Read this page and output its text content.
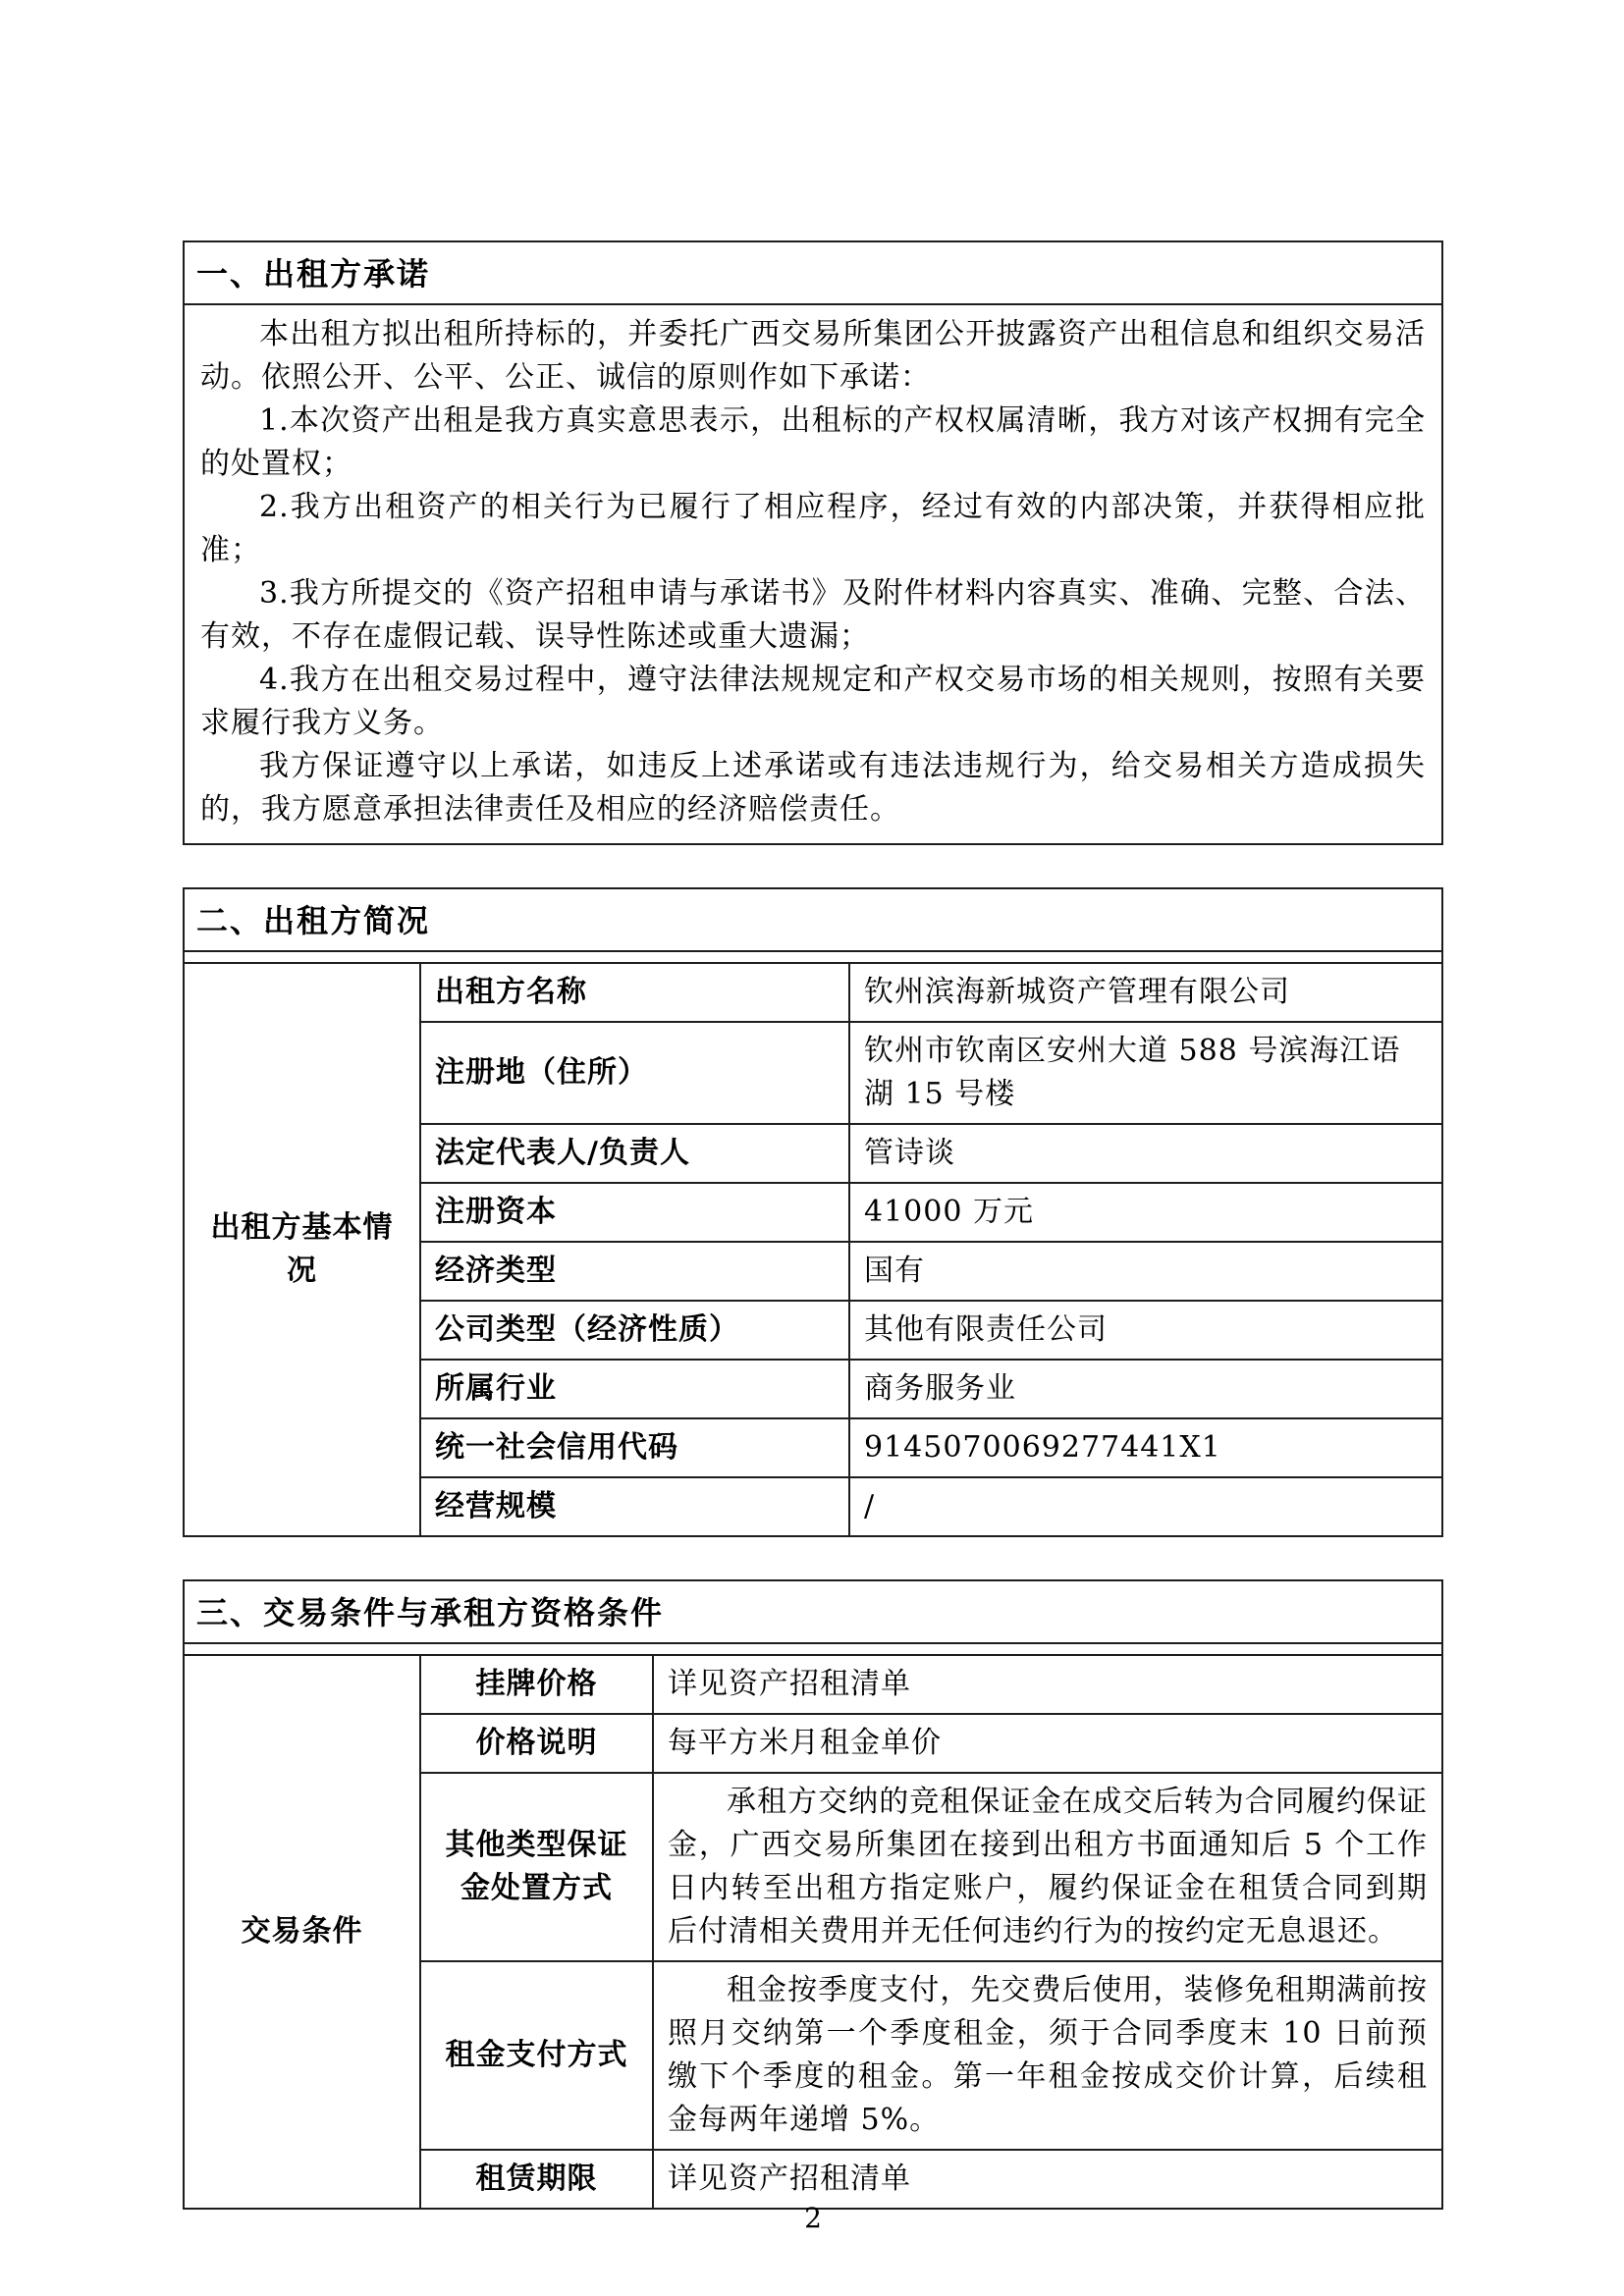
一、出租方承诺

本出租方拟出租所持标的，并委托广西交易所集团公开披露资产出租信息和组织交易活动。依照公开、公平、公正、诚信的原则作如下承诺：

1.本次资产出租是我方真实意思表示，出租标的产权权属清晰，我方对该产权拥有完全的处置权；

2.我方出租资产的相关行为已履行了相应程序，经过有效的内部决策，并获得相应批准；

3.我方所提交的《资产招租申请与承诺书》及附件材料内容真实、准确、完整、合法、有效，不存在虚假记载、误导性陈述或重大遗漏；

4.我方在出租交易过程中，遵守法律法规规定和产权交易市场的相关规则，按照有关要求履行我方义务。

我方保证遵守以上承诺，如违反上述承诺或有违法违规行为，给交易相关方造成损失的，我方愿意承担法律责任及相应的经济赔偿责任。

二、出租方简况
出租方基本情况	出租方名称	钦州滨海新城资产管理有限公司
	注册地（住所）	钦州市钦南区安州大道 588 号滨海江语湖 15 号楼
	法定代表人/负责人	管诗谈
	注册资本	41000 万元
	经济类型	国有
	公司类型（经济性质）	其他有限责任公司
	所属行业	商务服务业
	统一社会信用代码	9145070069277441X1
	经营规模	/
三、交易条件与承租方资格条件
交易条件	挂牌价格	详见资产招租清单
	价格说明	每平方米月租金单价
	其他类型保证金处置方式	承租方交纳的竞租保证金在成交后转为合同履约保证金，广西交易所集团在接到出租方书面通知后 5 个工作日内转至出租方指定账户，履约保证金在租赁合同到期后付清相关费用并无任何违约行为的按约定无息退还。

	租金支付方式	租金按季度支付，先交费后使用，装修免租期满前按照月交纳第一个季度租金，须于合同季度末 10 日前预缴下个季度的租金。第一年租金按成交价计算，后续租金每两年递增 5%。

	租赁期限	详见资产招租清单
2
